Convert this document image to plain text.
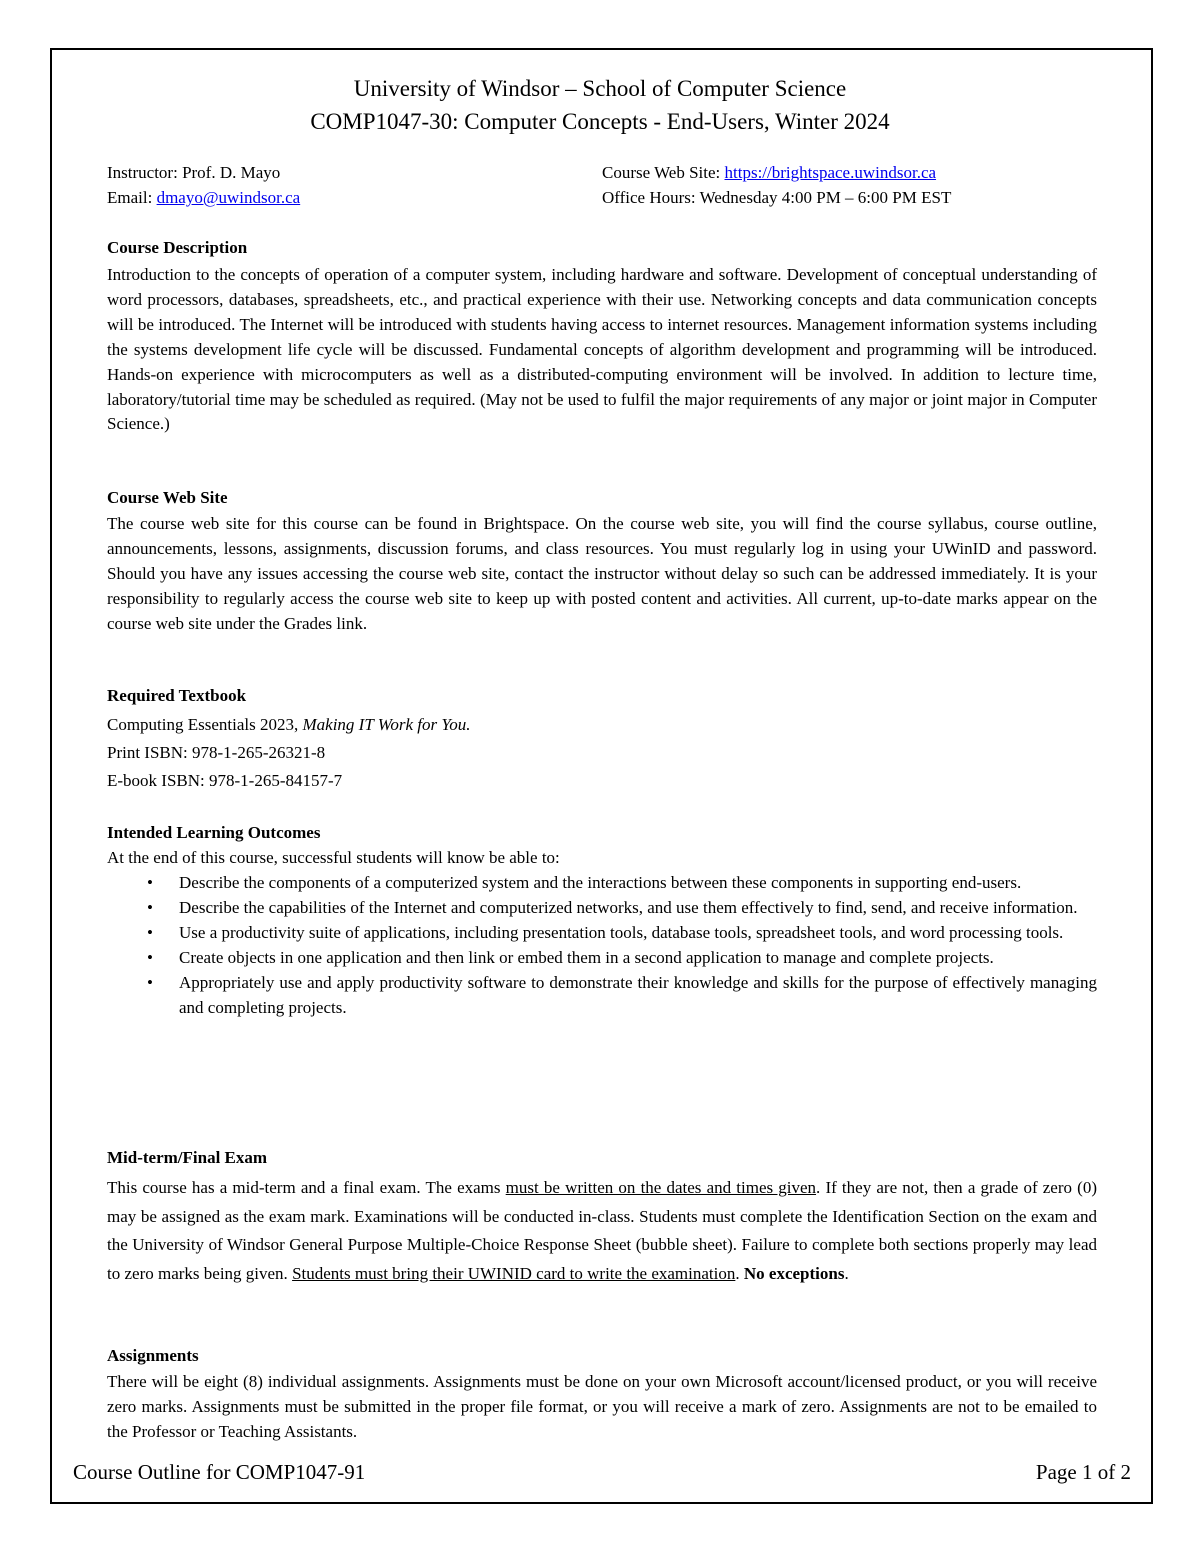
University of Windsor – School of Computer Science
COMP1047-30: Computer Concepts - End-Users, Winter 2024
Instructor: Prof. D. Mayo
Email: dmayo@uwindsor.ca
Course Web Site: https://brightspace.uwindsor.ca
Office Hours: Wednesday 4:00 PM – 6:00 PM EST
Course Description
Introduction to the concepts of operation of a computer system, including hardware and software. Development of conceptual understanding of word processors, databases, spreadsheets, etc., and practical experience with their use. Networking concepts and data communication concepts will be introduced. The Internet will be introduced with students having access to internet resources. Management information systems including the systems development life cycle will be discussed. Fundamental concepts of algorithm development and programming will be introduced. Hands-on experience with microcomputers as well as a distributed-computing environment will be involved. In addition to lecture time, laboratory/tutorial time may be scheduled as required. (May not be used to fulfil the major requirements of any major or joint major in Computer Science.)
Course Web Site
The course web site for this course can be found in Brightspace. On the course web site, you will find the course syllabus, course outline, announcements, lessons, assignments, discussion forums, and class resources. You must regularly log in using your UWinID and password. Should you have any issues accessing the course web site, contact the instructor without delay so such can be addressed immediately. It is your responsibility to regularly access the course web site to keep up with posted content and activities. All current, up-to-date marks appear on the course web site under the Grades link.
Required Textbook
Computing Essentials 2023, Making IT Work for You.
Print ISBN: 978-1-265-26321-8
E-book ISBN: 978-1-265-84157-7
Intended Learning Outcomes
At the end of this course, successful students will know be able to:
• Describe the components of a computerized system and the interactions between these components in supporting end-users.
• Describe the capabilities of the Internet and computerized networks, and use them effectively to find, send, and receive information.
• Use a productivity suite of applications, including presentation tools, database tools, spreadsheet tools, and word processing tools.
• Create objects in one application and then link or embed them in a second application to manage and complete projects.
• Appropriately use and apply productivity software to demonstrate their knowledge and skills for the purpose of effectively managing and completing projects.
Mid-term/Final Exam
This course has a mid-term and a final exam. The exams must be written on the dates and times given. If they are not, then a grade of zero (0) may be assigned as the exam mark. Examinations will be conducted in-class. Students must complete the Identification Section on the exam and the University of Windsor General Purpose Multiple-Choice Response Sheet (bubble sheet). Failure to complete both sections properly may lead to zero marks being given. Students must bring their UWINID card to write the examination. No exceptions.
Assignments
There will be eight (8) individual assignments. Assignments must be done on your own Microsoft account/licensed product, or you will receive zero marks. Assignments must be submitted in the proper file format, or you will receive a mark of zero. Assignments are not to be emailed to the Professor or Teaching Assistants.
Course Outline for COMP1047-91	Page 1 of 2
